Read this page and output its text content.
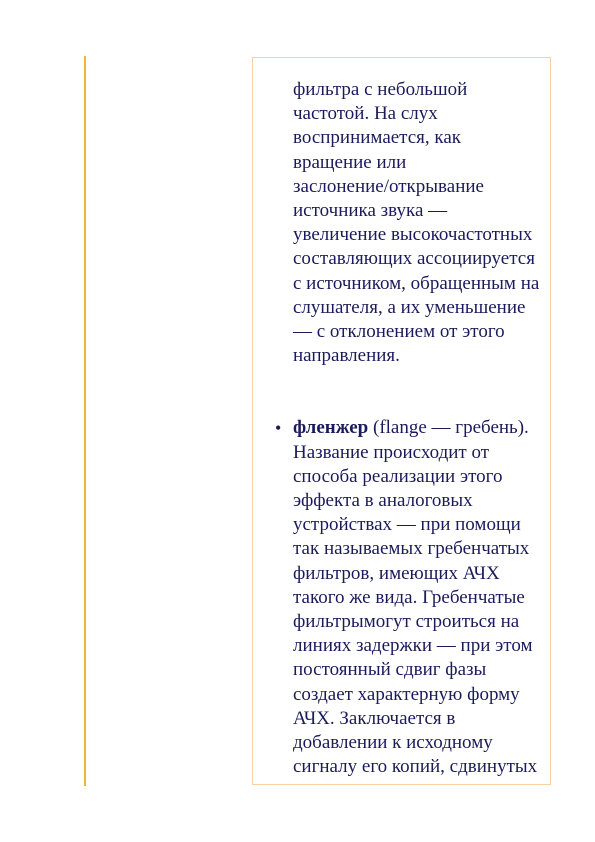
фильтра с небольшой
частотой. На слух
воспринимается, как
вращение или
заслонение/открывание
источника звука —
увеличение высокочастотных
составляющих ассоциируется
с источником, обращенным на
слушателя, а их уменьшение
— с отклонением от этого
направления.

• фленжер (flange — гребень).
Название происходит от
способа реализации этого
эффекта в аналоговых
устройствах — при помощи
так называемых гребенчатых
фильтров, имеющих АЧХ
такого же вида. Гребенчатые
фильтрымогут строиться на
линиях задержки — при этом
постоянный сдвиг фазы
создает характерную форму
АЧХ. Заключается в
добавлении к исходному
сигналу его копий, сдвинутых
